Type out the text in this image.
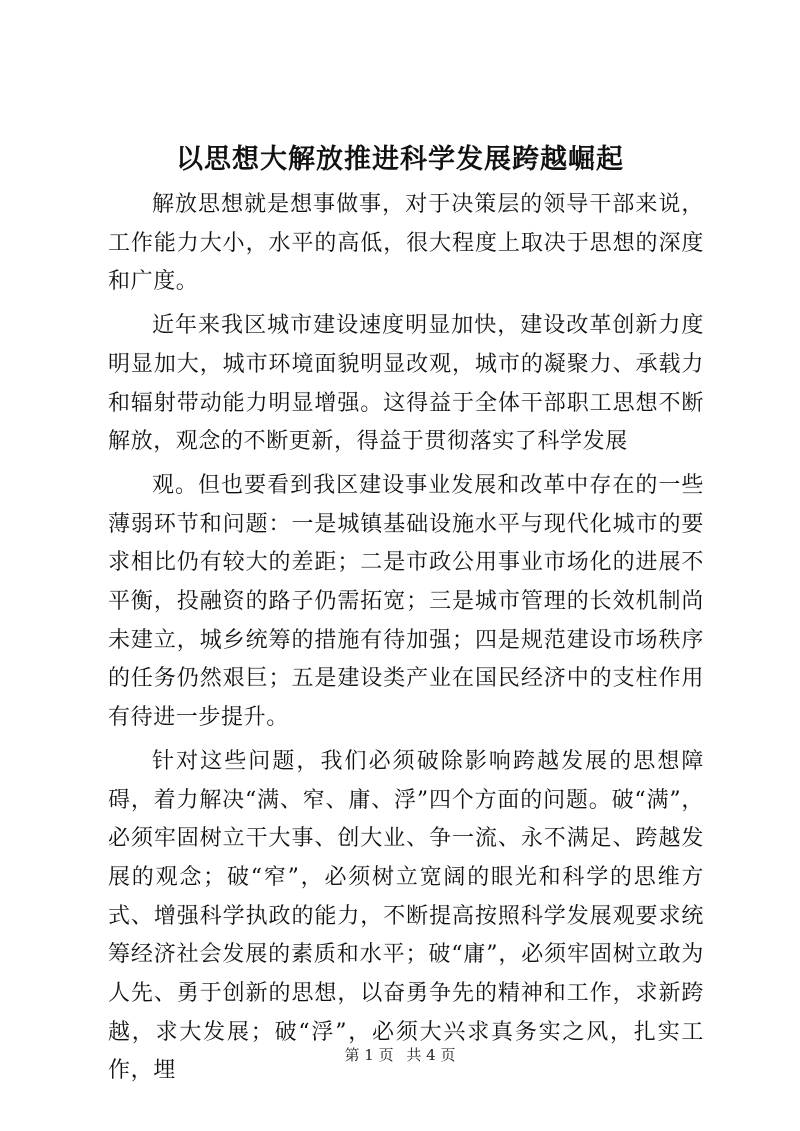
以思想大解放推进科学发展跨越崛起

解放思想就是想事做事，对于决策层的领导干部来说，工作能力大小，水平的高低，很大程度上取决于思想的深度和广度。

近年来我区城市建设速度明显加快，建设改革创新力度明显加大，城市环境面貌明显改观，城市的凝聚力、承载力和辐射带动能力明显增强。这得益于全体干部职工思想不断解放，观念的不断更新，得益于贯彻落实了科学发展

观。但也要看到我区建设事业发展和改革中存在的一些薄弱环节和问题：一是城镇基础设施水平与现代化城市的要求相比仍有较大的差距；二是市政公用事业市场化的进展不平衡，投融资的路子仍需拓宽；三是城市管理的长效机制尚未建立，城乡统筹的措施有待加强；四是规范建设市场秩序的任务仍然艰巨；五是建设类产业在国民经济中的支柱作用有待进一步提升。

针对这些问题，我们必须破除影响跨越发展的思想障碍，着力解决“满、窄、庸、浮”四个方面的问题。破“满”，必须牢固树立干大事、创大业、争一流、永不满足、跨越发展的观念；破“窄”，必须树立宽阔的眼光和科学的思维方式、增强科学执政的能力，不断提高按照科学发展观要求统筹经济社会发展的素质和水平；破“庸”，必须牢固树立敢为人先、勇于创新的思想，以奋勇争先的精神和工作，求新跨越，求大发展；破“浮”，必须大兴求真务实之风，扎实工作，埋

第 1 页 共 4 页
